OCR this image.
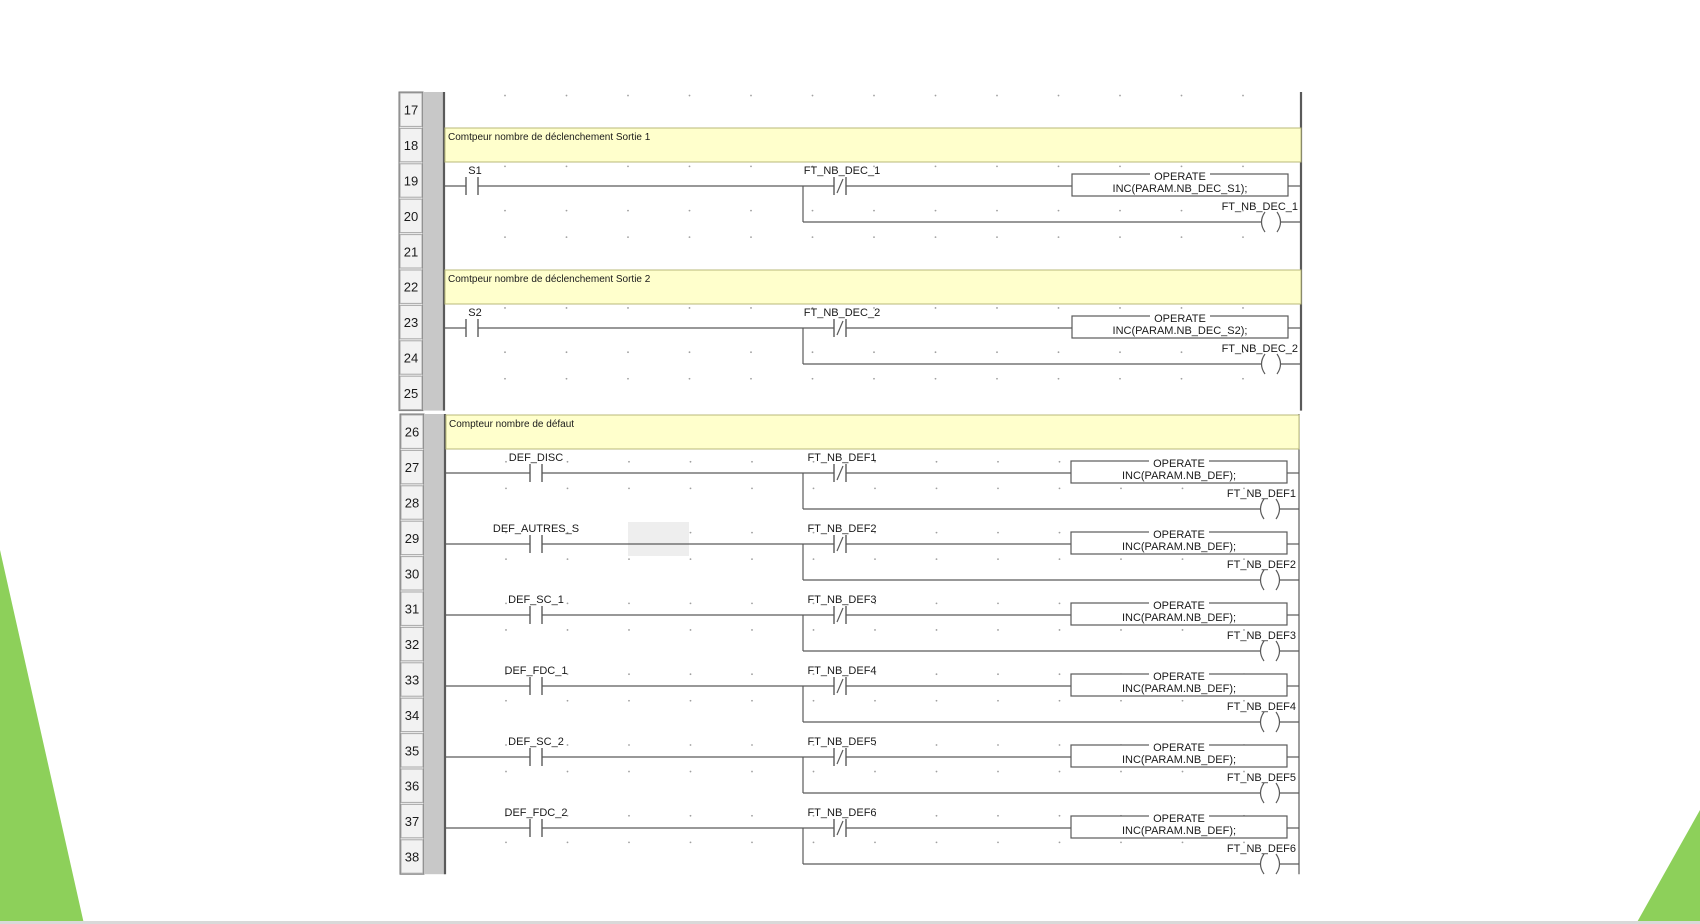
17
18
19
20
21
22
23
24
25
Comtpeur nombre de déclenchement Sortie 1
Comtpeur nombre de déclenchement Sortie 2
S1	FT_NB_DEC_1	OPERATE
INC(PARAM.NB_DEC_S1);
FT_NB_DEC_1
S2	FT_NB_DEC_2	OPERATE
INC(PARAM.NB_DEC_S2);
FT_NB_DEC_2
26
27
28
29
30
31
32
33
34
35
36
37
38
Compteur nombre de défaut
DEF_DISC	FT_NB_DEF1	OPERATE
INC(PARAM.NB_DEF);
FT_NB_DEF1
DEF_AUTRES_S	FT_NB_DEF2	OPERATE
INC(PARAM.NB_DEF);
FT_NB_DEF2
DEF_SC_1	FT_NB_DEF3	OPERATE
INC(PARAM.NB_DEF);
FT_NB_DEF3
DEF_FDC_1	FT_NB_DEF4	OPERATE
INC(PARAM.NB_DEF);
FT_NB_DEF4
DEF_SC_2	FT_NB_DEF5	OPERATE
INC(PARAM.NB_DEF);
FT_NB_DEF5
DEF_FDC_2	FT_NB_DEF6	OPERATE
INC(PARAM.NB_DEF);
FT_NB_DEF6
